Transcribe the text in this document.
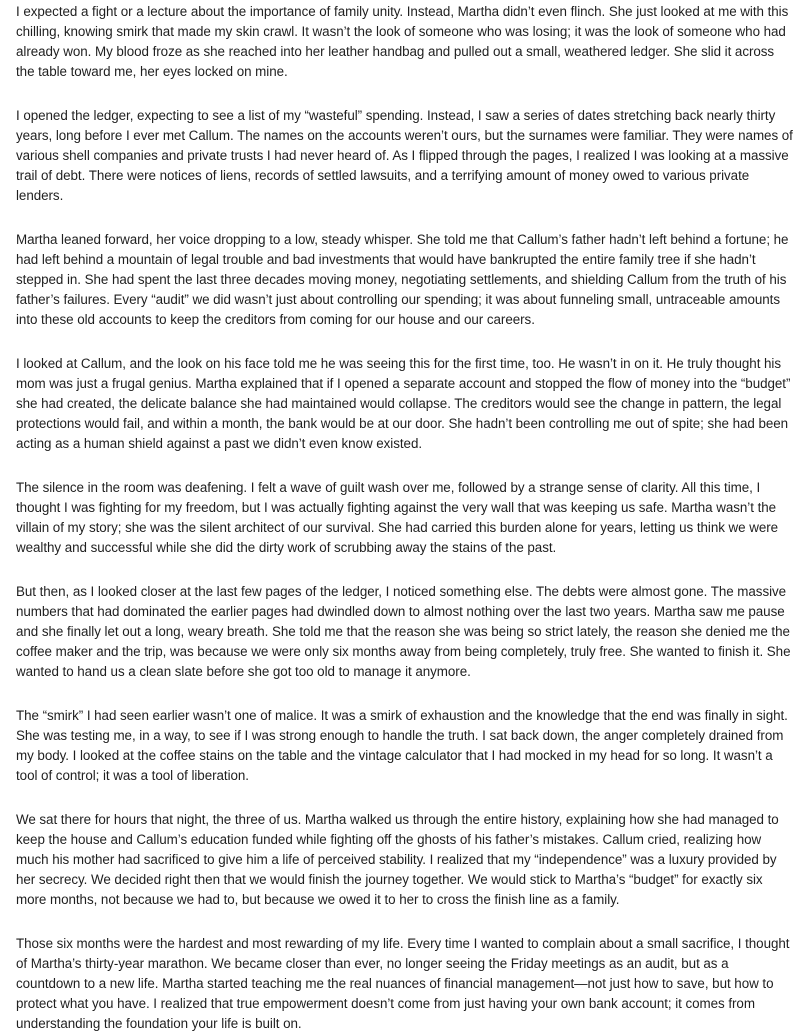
I expected a fight or a lecture about the importance of family unity. Instead, Martha didn’t even flinch. She just looked at me with this chilling, knowing smirk that made my skin crawl. It wasn’t the look of someone who was losing; it was the look of someone who had already won. My blood froze as she reached into her leather handbag and pulled out a small, weathered ledger. She slid it across the table toward me, her eyes locked on mine.

I opened the ledger, expecting to see a list of my “wasteful” spending. Instead, I saw a series of dates stretching back nearly thirty years, long before I ever met Callum. The names on the accounts weren’t ours, but the surnames were familiar. They were names of various shell companies and private trusts I had never heard of. As I flipped through the pages, I realized I was looking at a massive trail of debt. There were notices of liens, records of settled lawsuits, and a terrifying amount of money owed to various private lenders.

Martha leaned forward, her voice dropping to a low, steady whisper. She told me that Callum’s father hadn’t left behind a fortune; he had left behind a mountain of legal trouble and bad investments that would have bankrupted the entire family tree if she hadn’t stepped in. She had spent the last three decades moving money, negotiating settlements, and shielding Callum from the truth of his father’s failures. Every “audit” we did wasn’t just about controlling our spending; it was about funneling small, untraceable amounts into these old accounts to keep the creditors from coming for our house and our careers.

I looked at Callum, and the look on his face told me he was seeing this for the first time, too. He wasn’t in on it. He truly thought his mom was just a frugal genius. Martha explained that if I opened a separate account and stopped the flow of money into the “budget” she had created, the delicate balance she had maintained would collapse. The creditors would see the change in pattern, the legal protections would fail, and within a month, the bank would be at our door. She hadn’t been controlling me out of spite; she had been acting as a human shield against a past we didn’t even know existed.

The silence in the room was deafening. I felt a wave of guilt wash over me, followed by a strange sense of clarity. All this time, I thought I was fighting for my freedom, but I was actually fighting against the very wall that was keeping us safe. Martha wasn’t the villain of my story; she was the silent architect of our survival. She had carried this burden alone for years, letting us think we were wealthy and successful while she did the dirty work of scrubbing away the stains of the past.

But then, as I looked closer at the last few pages of the ledger, I noticed something else. The debts were almost gone. The massive numbers that had dominated the earlier pages had dwindled down to almost nothing over the last two years. Martha saw me pause and she finally let out a long, weary breath. She told me that the reason she was being so strict lately, the reason she denied me the coffee maker and the trip, was because we were only six months away from being completely, truly free. She wanted to finish it. She wanted to hand us a clean slate before she got too old to manage it anymore.

The “smirk” I had seen earlier wasn’t one of malice. It was a smirk of exhaustion and the knowledge that the end was finally in sight. She was testing me, in a way, to see if I was strong enough to handle the truth. I sat back down, the anger completely drained from my body. I looked at the coffee stains on the table and the vintage calculator that I had mocked in my head for so long. It wasn’t a tool of control; it was a tool of liberation.

We sat there for hours that night, the three of us. Martha walked us through the entire history, explaining how she had managed to keep the house and Callum’s education funded while fighting off the ghosts of his father’s mistakes. Callum cried, realizing how much his mother had sacrificed to give him a life of perceived stability. I realized that my “independence” was a luxury provided by her secrecy. We decided right then that we would finish the journey together. We would stick to Martha’s “budget” for exactly six more months, not because we had to, but because we owed it to her to cross the finish line as a family.

Those six months were the hardest and most rewarding of my life. Every time I wanted to complain about a small sacrifice, I thought of Martha’s thirty-year marathon. We became closer than ever, no longer seeing the Friday meetings as an audit, but as a countdown to a new life. Martha started teaching me the real nuances of financial management—not just how to save, but how to protect what you have. I realized that true empowerment doesn’t come from just having your own bank account; it comes from understanding the foundation your life is built on.
